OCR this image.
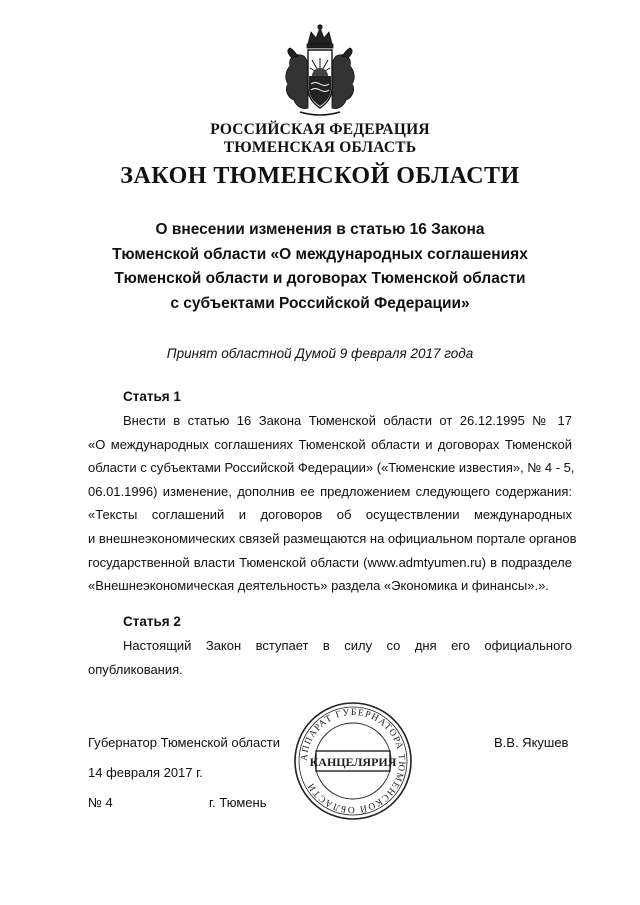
РОССИЙСКАЯ ФЕДЕРАЦИЯ
ТЮМЕНСКАЯ ОБЛАСТЬ
ЗАКОН ТЮМЕНСКОЙ ОБЛАСТИ
О внесении изменения в статью 16 Закона
Тюменской области «О международных соглашениях
Тюменской области и договорах Тюменской области
с субъектами Российской Федерации»
Принят областной Думой 9 февраля 2017 года
Статья 1
Внести в статью 16 Закона Тюменской области от 26.12.1995 № 17
«О международных соглашениях Тюменской области и договорах Тюменской
области с субъектами Российской Федерации» («Тюменские известия», № 4 - 5,
06.01.1996) изменение, дополнив ее предложением следующего содержания:
«Тексты соглашений и договоров об осуществлении международных
и внешнеэкономических связей размещаются на официальном портале органов
государственной власти Тюменской области (www.admtyumen.ru) в подразделе
«Внешнеэкономическая деятельность» раздела «Экономика и финансы».».
Статья 2
Настоящий Закон вступает в силу со дня его официального
опубликования.
Губернатор Тюменской области	В.В. Якушев
14 февраля 2017 г.
№ 4	г. Тюмень
АППАРАТ ГУБЕРНАТОРА ТЮМЕНСКОЙ ОБЛАСТИ
КАНЦЕЛЯРИЯ
